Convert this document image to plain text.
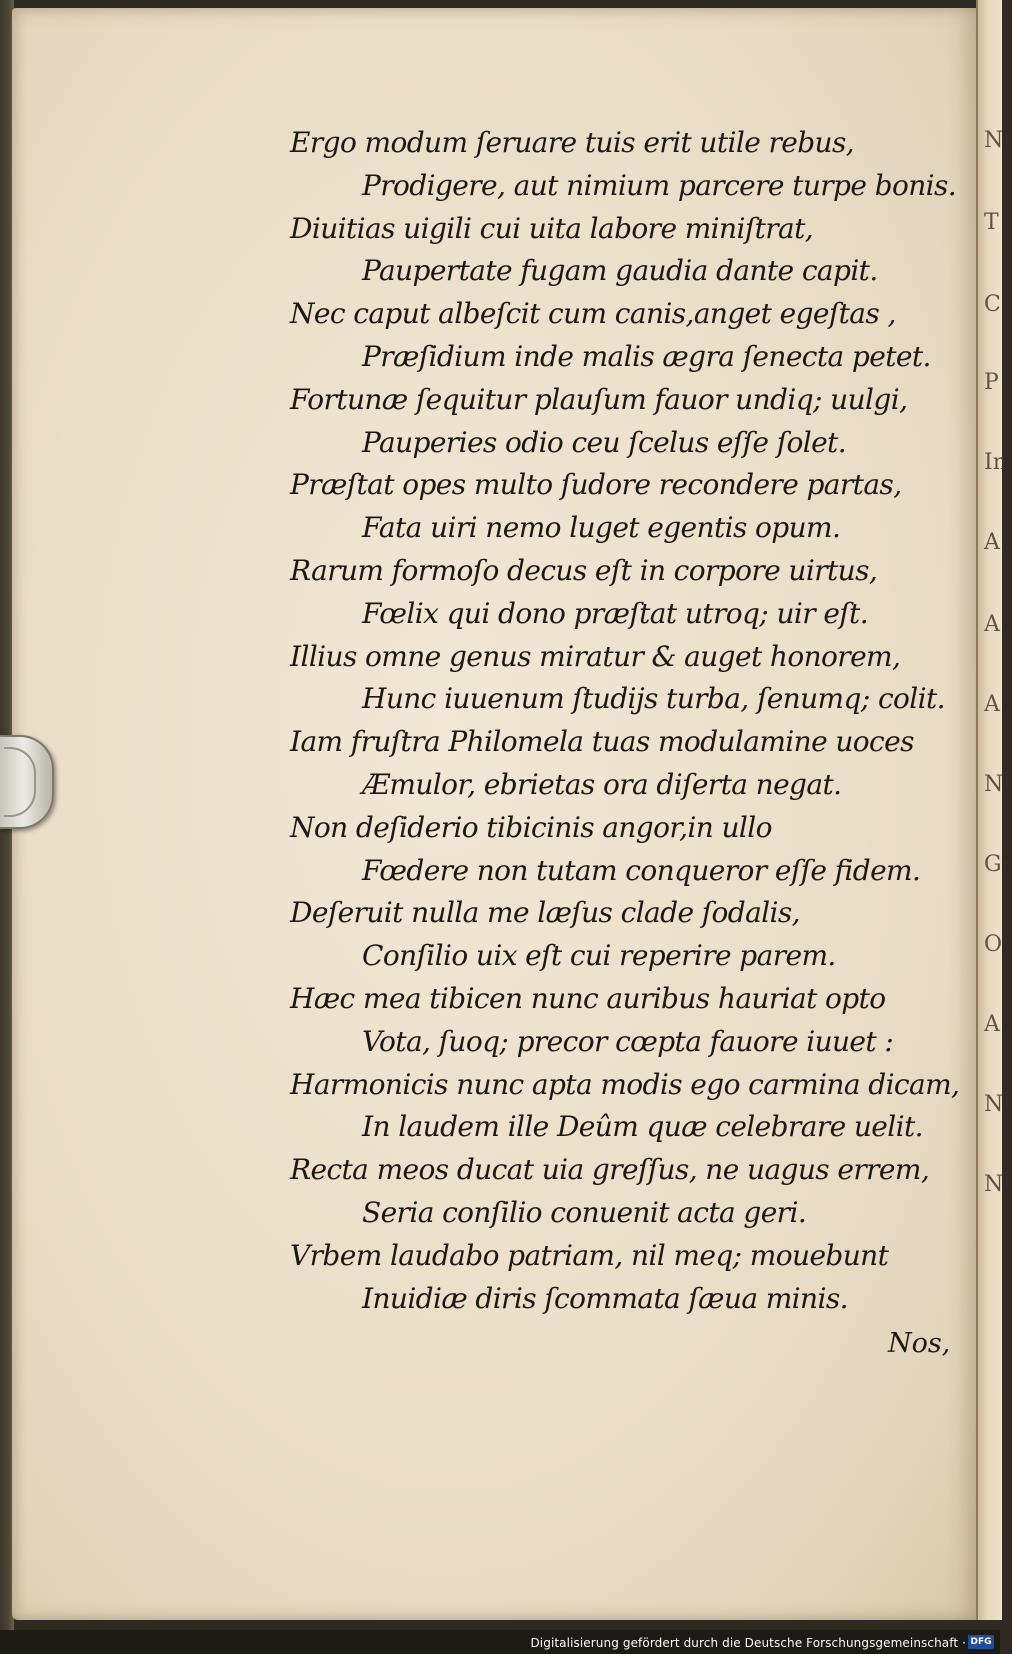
N
T
C
P
In
A
A
A
N
Gr
O
A
N
N
Ergo modum ſeruare tuis erit utile rebus,
Prodigere, aut nimium parcere turpe bonis.
Diuitias uigili cui uita labore miniſtrat,
Paupertate fugam gaudia dante capit.
Nec caput albeſcit cum canis,anget egeſtas ,
Præſidium inde malis ægra ſenecta petet.
Fortunæ ſequitur plauſum fauor undiq; uulgi,
Pauperies odio ceu ſcelus eſſe ſolet.
Præſtat opes multo ſudore recondere partas,
Fata uiri nemo luget egentis opum.
Rarum formoſo decus eſt in corpore uirtus,
Fœlix qui dono præſtat utroq; uir eſt.
Illius omne genus miratur & auget honorem,
Hunc iuuenum ſtudijs turba, ſenumq; colit.
Iam fruſtra Philomela tuas modulamine uoces
Æmulor, ebrietas ora diſerta negat.
Non deſiderio tibicinis angor,in ullo
Fœdere non tutam conqueror eſſe fidem.
Deſeruit nulla me læſus clade ſodalis,
Conſilio uix eſt cui reperire parem.
Hæc mea tibicen nunc auribus hauriat opto
Vota, ſuoq; precor cœpta fauore iuuet :
Harmonicis nunc apta modis ego carmina dicam,
In laudem ille Deûm quæ celebrare uelit.
Recta meos ducat uia greſſus, ne uagus errem,
Seria conſilio conuenit acta geri.
Vrbem laudabo patriam, nil meq; mouebunt
Inuidiæ diris ſcommata ſæua minis.
Nos,
Digitalisierung gefördert durch die Deutsche Forschungsgemeinschaft · DFG
